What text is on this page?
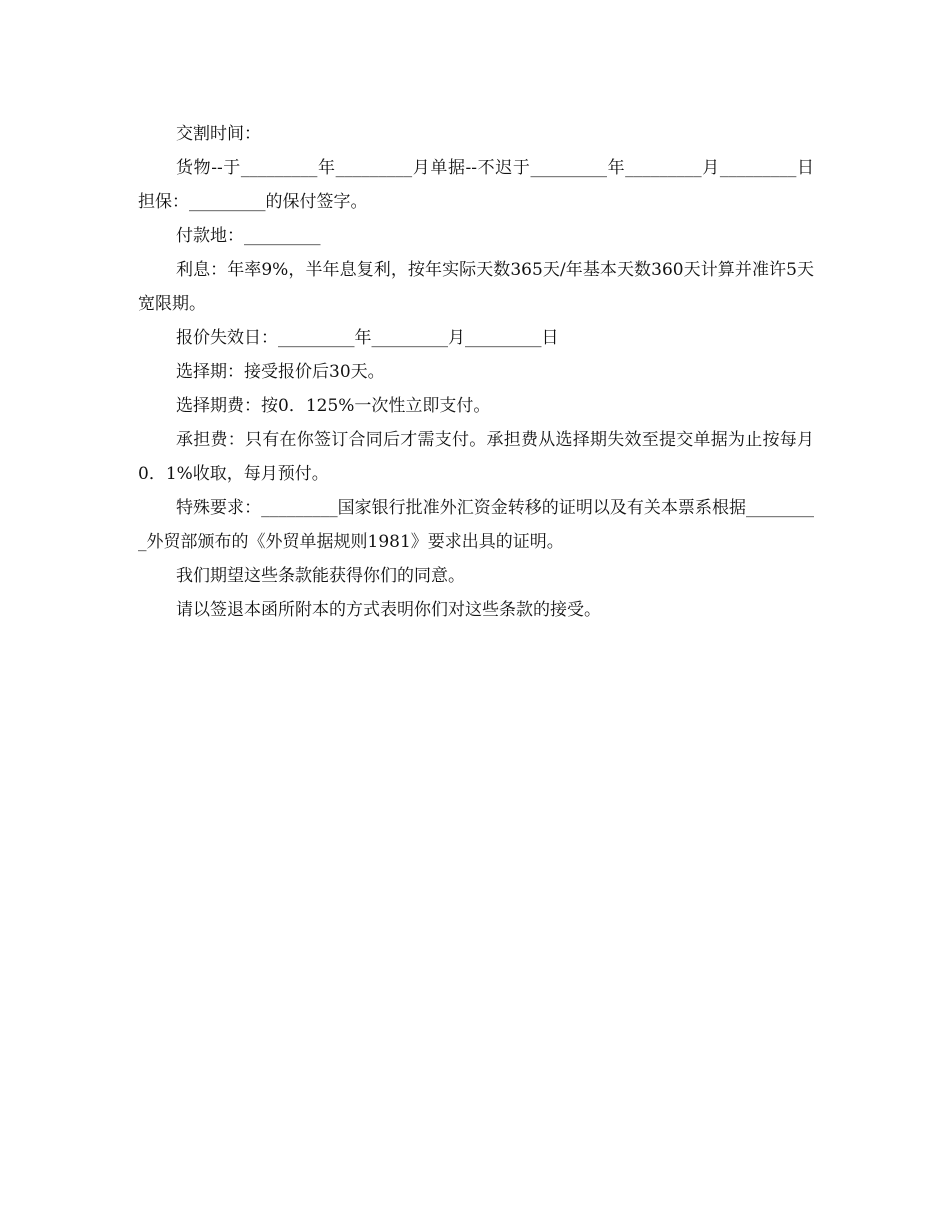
交割时间：

货物--于_________年_________月单据--不迟于_________年_________月_________日担保：_________的保付签字。

付款地：_________

利息：年率9%，半年息复利，按年实际天数365天/年基本天数360天计算并准许5天宽限期。

报价失效日：_________年_________月_________日

选择期：接受报价后30天。

选择期费：按0．125%一次性立即支付。

承担费：只有在你签订合同后才需支付。承担费从选择期失效至提交单据为止按每月0．1%收取，每月预付。

特殊要求：_________国家银行批准外汇资金转移的证明以及有关本票系根据_________外贸部颁布的《外贸单据规则1981》要求出具的证明。

我们期望这些条款能获得你们的同意。

请以签退本函所附本的方式表明你们对这些条款的接受。
